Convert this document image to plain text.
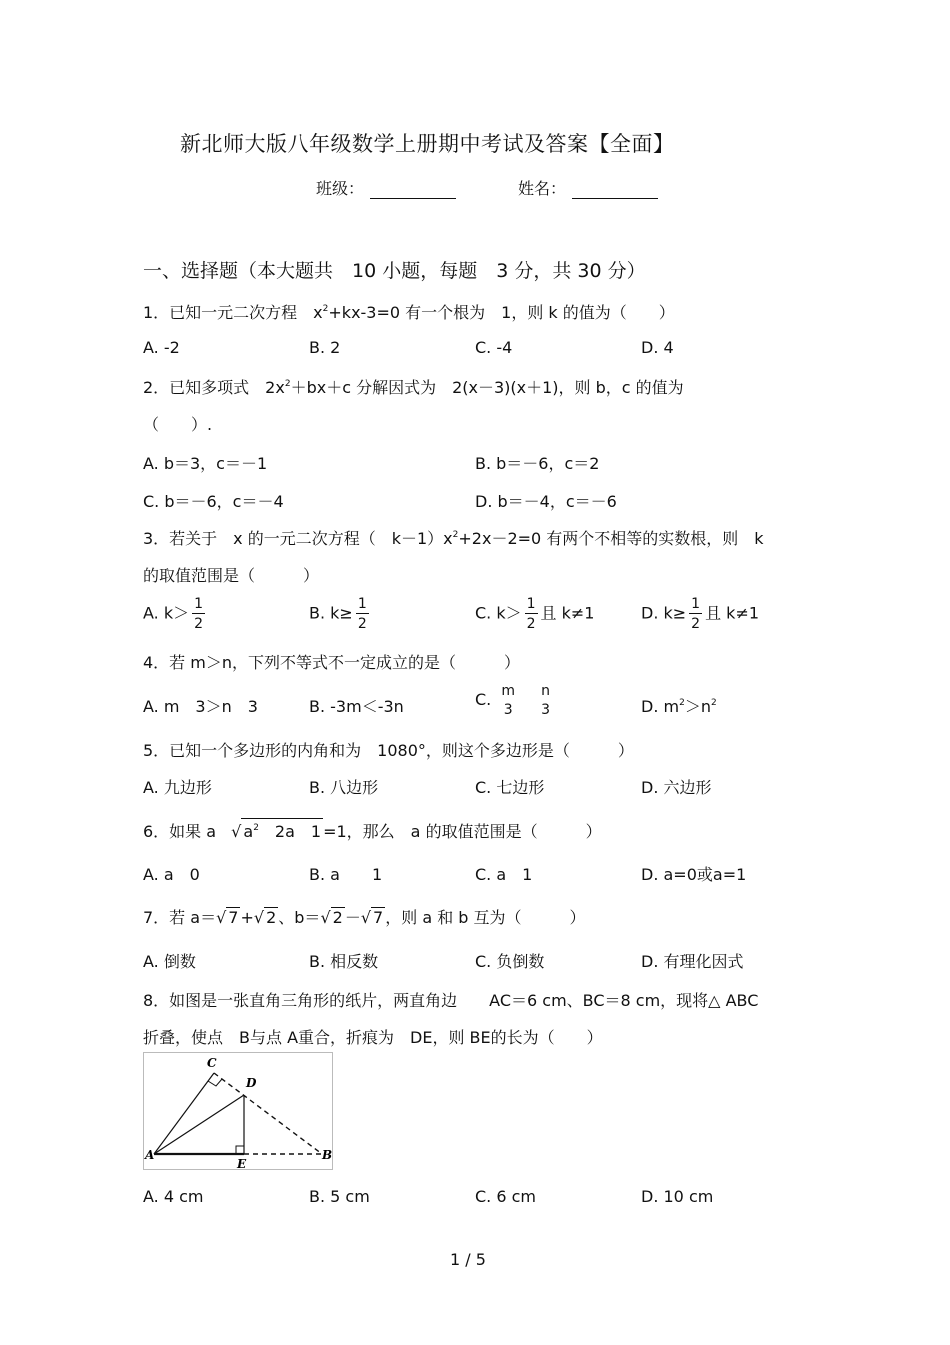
新北师大版八年级数学上册期中考试及答案【全面】
班级：	姓名：
一、选择题（本大题共　10 小题，每题　3 分，共 30 分）
1．已知一元二次方程　$x^2+kx-3=0$ 有一个根为　1，则 k 的值为（　　）
A. -2	B. 2	C. -4	D. 4
2．已知多项式　$2x^2+bx+c$ 分解因式为　2(x－3)(x＋1)，则 b，c 的值为
（　　）.
A. b＝3，c＝－1	B. b＝－6，c＝2
C. b＝－6，c＝－4	D. b＝－4，c＝－6
3．若关于　x 的一元二次方程（　$k-1)x^2+2x-2=0$ 有两个不相等的实数根，则　k
的取值范围是（　　　）
A. $k> \frac{1}{2}$	B. $k\ge \frac{1}{2}$	C. $k> \frac{1}{2}$ 且 k≠1	D. $k\ge \frac{1}{2}$ 且 k≠1
4．若 m＞n，下列不等式不一定成立的是（　　　）
A. m　3＞n　3	B. -3m＜-3n	C. m
3

n
3	D. $m^2>n^2$
5．已知一个多边形的内角和为　1080°，则这个多边形是（　　　）
A. 九边形	B. 八边形	C. 七边形	D. 六边形
6．如果 a √ $a^2$　2a　1 =1，那么　a 的取值范围是（　　　）
A. a　0	B. a　　1	C. a　1	D. a=0或a=1
7．若 a＝√ 7 +√ 2 、b＝√ 2 －√ 7 ，则 a 和 b 互为（　　　）
A. 倒数	B. 相反数	C. 负倒数	D. 有理化因式
8．如图是一张直角三角形的纸片，两直角边　　AC＝6 cm、BC＝8 cm，现将△ ABC
折叠，使点　B与点 A重合，折痕为　DE，则 BE的长为（　　）
A	B
C
D
E
A. 4 cm	B. 5 cm	C. 6 cm	D. 10 cm
1 / 5
